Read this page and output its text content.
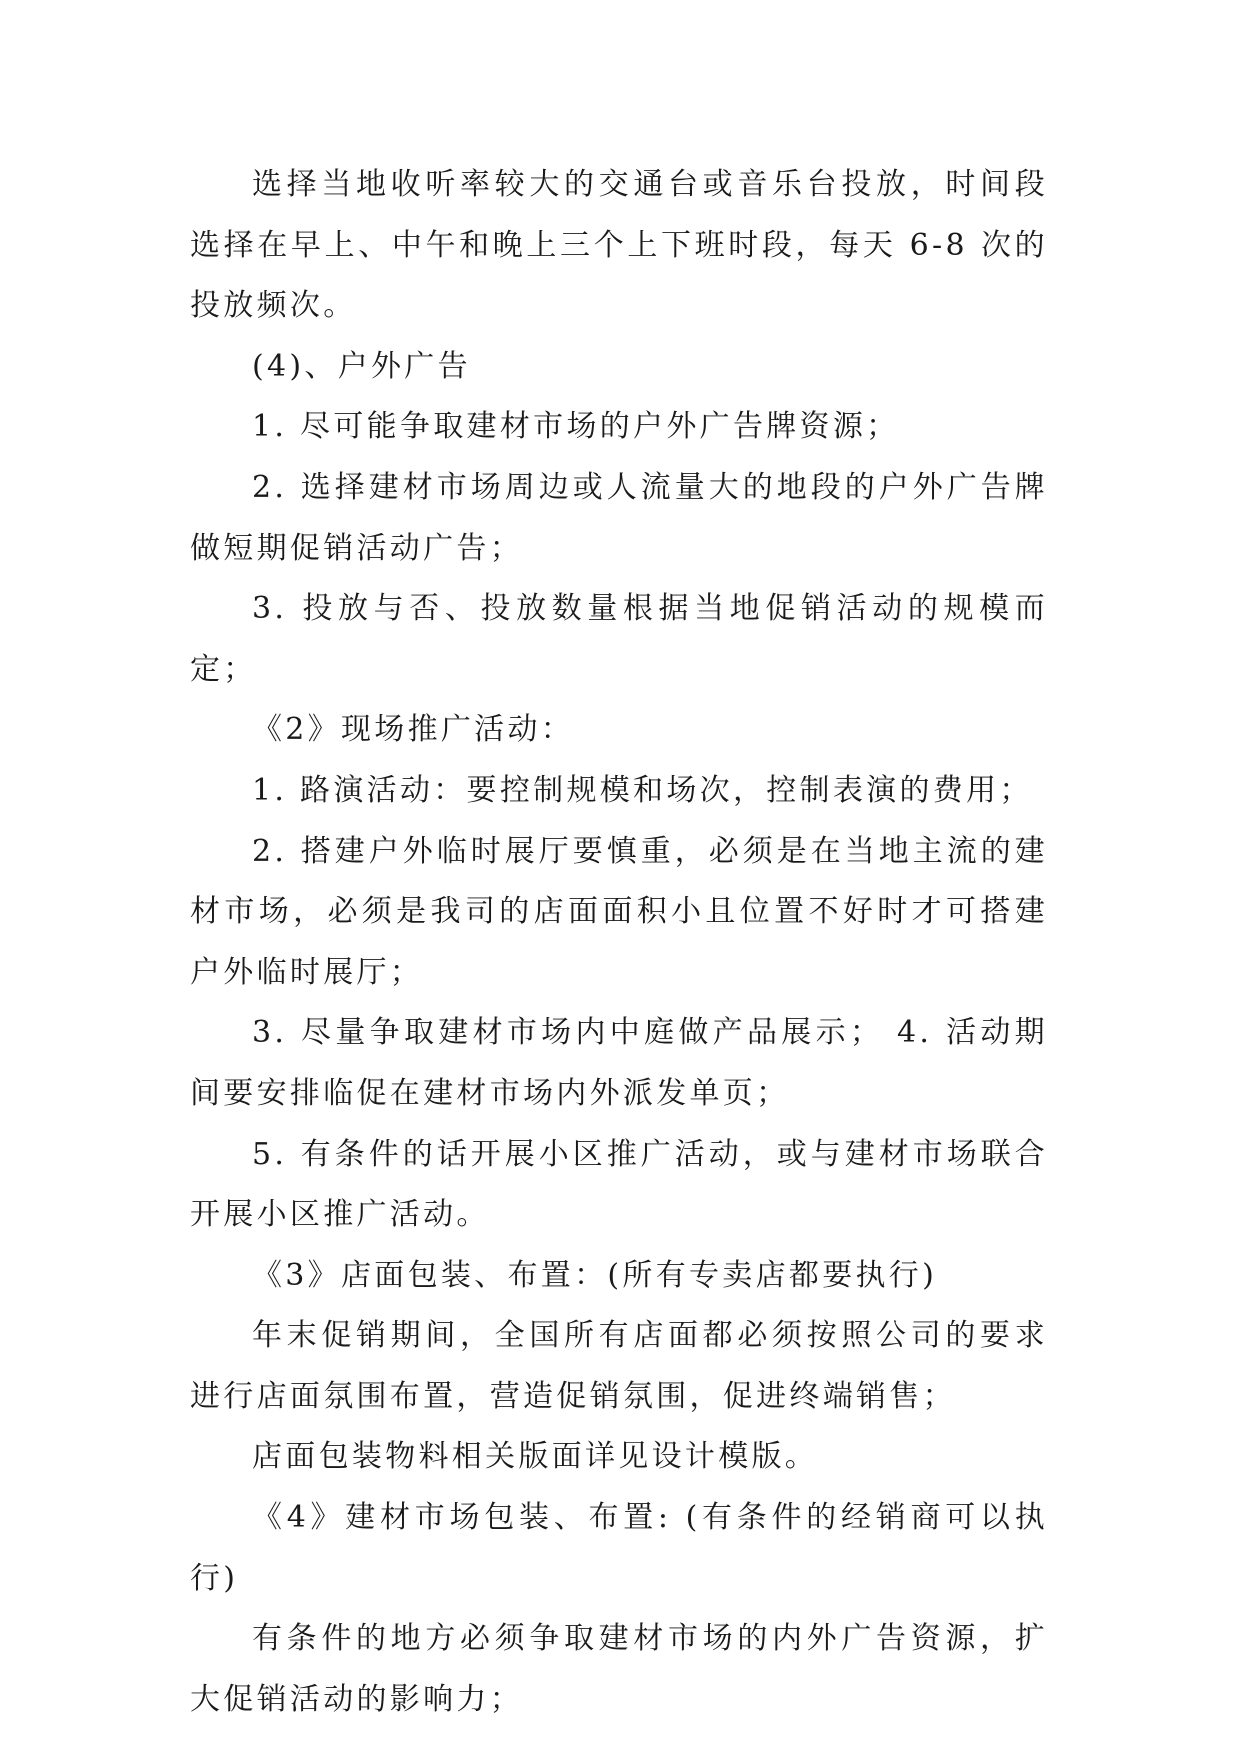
选择当地收听率较大的交通台或音乐台投放，时间段选择在早上、中午和晚上三个上下班时段，每天 6-8 次的投放频次。

(4)、户外广告

1. 尽可能争取建材市场的户外广告牌资源；

2. 选择建材市场周边或人流量大的地段的户外广告牌做短期促销活动广告；

3. 投放与否、投放数量根据当地促销活动的规模而定；

《2》现场推广活动：

1. 路演活动：要控制规模和场次，控制表演的费用；

2. 搭建户外临时展厅要慎重，必须是在当地主流的建材市场，必须是我司的店面面积小且位置不好时才可搭建户外临时展厅；

3. 尽量争取建材市场内中庭做产品展示； 4. 活动期间要安排临促在建材市场内外派发单页；

5. 有条件的话开展小区推广活动，或与建材市场联合开展小区推广活动。

《3》店面包装、布置：(所有专卖店都要执行)

年末促销期间，全国所有店面都必须按照公司的要求进行店面氛围布置，营造促销氛围，促进终端销售；

店面包装物料相关版面详见设计模版。

《4》建材市场包装、布置: (有条件的经销商可以执行)

有条件的地方必须争取建材市场的内外广告资源，扩大促销活动的影响力；
